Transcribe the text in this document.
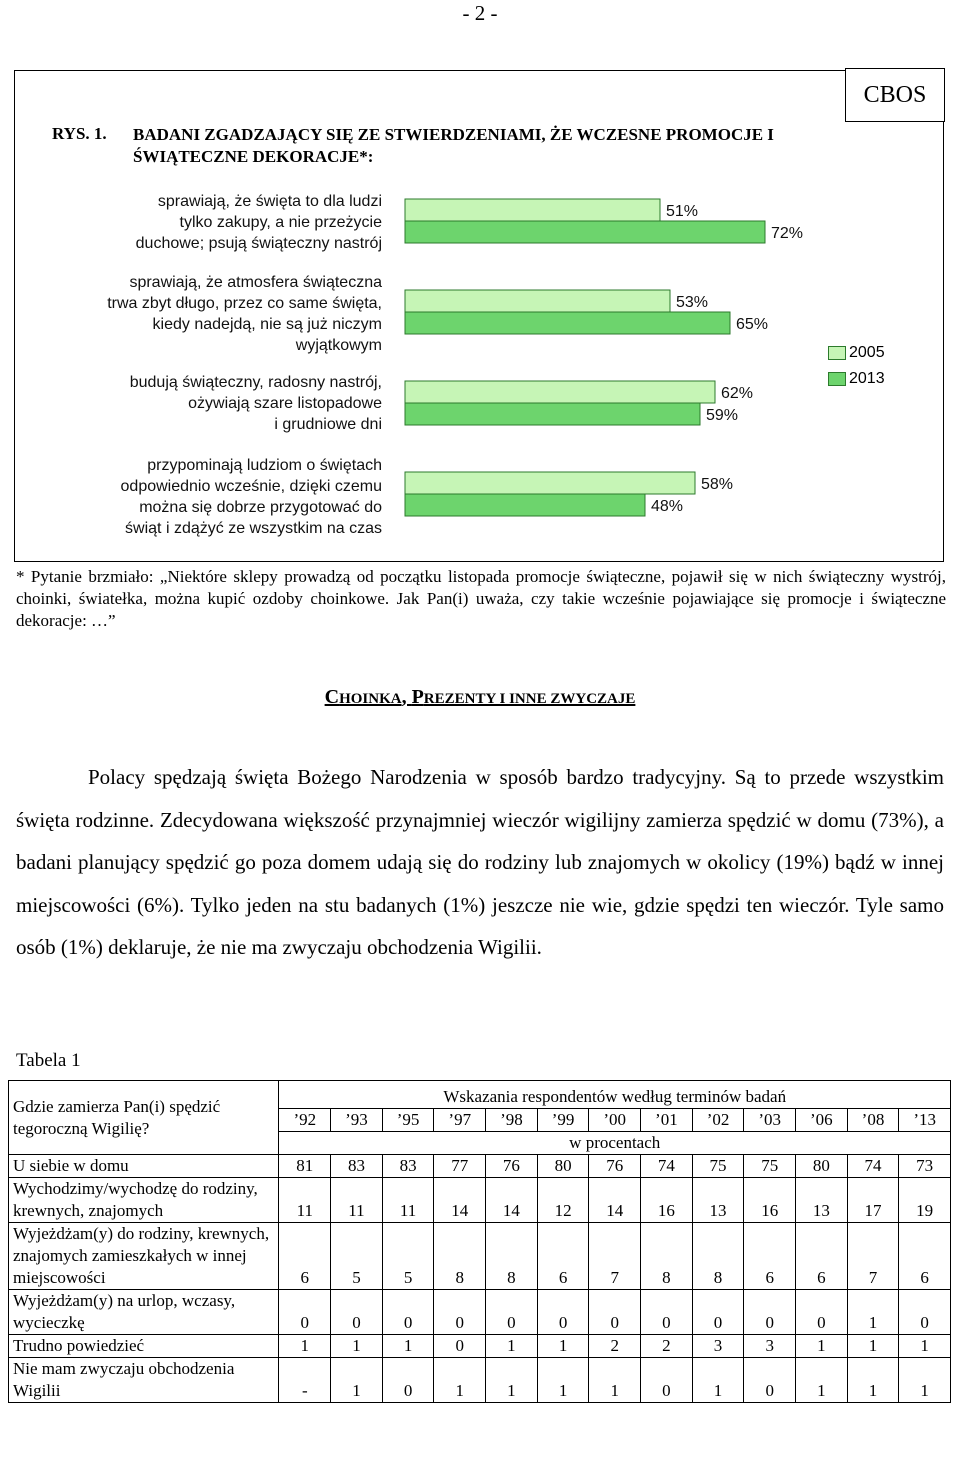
- 2 -
CBOS
RYS. 1. BADANI ZGADZAJĄCY SIĘ ZE STWIERDZENIAMI, ŻE WCZESNE PROMOCJE I ŚWIĄTECZNE DEKORACJE*:
sprawiają, że święta to dla ludzi
tylko zakupy, a nie przeżycie
duchowe; psują świąteczny nastrój
sprawiają, że atmosfera świąteczna
trwa zbyt długo, przez co same święta,
kiedy nadejdą, nie są już niczym
wyjątkowym
budują świąteczny, radosny nastrój,
ożywiają szare listopadowe
i grudniowe dni
przypominają ludziom o świętach
odpowiednio wcześnie, dzięki czemu
można się dobrze przygotować do
świąt i zdążyć ze wszystkim na czas
51%
53%
62%
58%
72%
65%
59%
48%
2005
2013
* Pytanie brzmiało: „Niektóre sklepy prowadzą od początku listopada promocje świąteczne, pojawił się w nich świąteczny wystrój, choinki, światełka, można kupić ozdoby choinkowe. Jak Pan(i) uważa, czy takie wcześnie pojawiające się promocje i świąteczne dekoracje: …”
CHOINKA, PREZENTY I INNE ZWYCZAJE

Polacy spędzają święta Bożego Narodzenia w sposób bardzo tradycyjny. Są to przede wszystkim święta rodzinne. Zdecydowana większość przynajmniej wieczór wigilijny zamierza spędzić w domu (73%), a badani planujący spędzić go poza domem udają się do rodziny lub znajomych w okolicy (19%) bądź w innej miejscowości (6%). Tylko jeden na stu badanych (1%) jeszcze nie wie, gdzie spędzi ten wieczór. Tyle samo osób (1%) deklaruje, że nie ma zwyczaju obchodzenia Wigilii.

Tabela 1
Gdzie zamierza Pan(i) spędzić tegoroczną Wigilię?	Wskazania respondentów według terminów badań												
	’92	’93	’95	’97	’98	’99	’00	’01	’02	’03	’06	’08	’13
	w procentach												
U siebie w domu	81	83	83	77	76	80	76	74	75	75	80	74	73
Wychodzimy/wychodzę do rodziny, krewnych, znajomych	11	11	11	14	14	12	14	16	13	16	13	17	19
Wyjeżdżam(y) do rodziny, krewnych, znajomych zamieszkałych w innej miejscowości	6	5	5	8	8	6	7	8	8	6	6	7	6
Wyjeżdżam(y) na urlop, wczasy, wycieczkę	0	0	0	0	0	0	0	0	0	0	0	1	0
Trudno powiedzieć	1	1	1	0	1	1	2	2	3	3	1	1	1
Nie mam zwyczaju obchodzenia Wigilii	-	1	0	1	1	1	1	0	1	0	1	1	1
